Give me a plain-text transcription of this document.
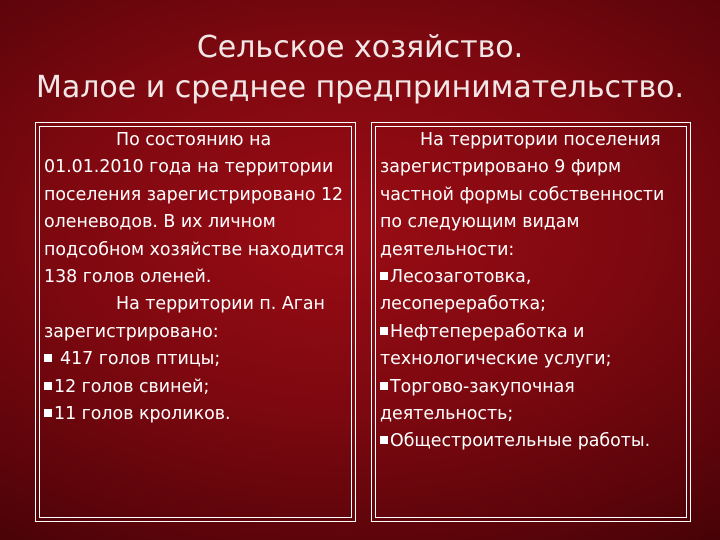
Сельское хозяйство.
Малое и среднее предпринимательство.

По состоянию на 01.01.2010 года на территории поселения зарегистрировано 12 оленеводов. В их личном подсобном хозяйстве находится 138 голов оленей.

На территории п. Аган зарегистрировано:

417 голов птицы;

12 голов свиней;

11 голов кроликов.

На территории поселения зарегистрировано 9 фирм частной формы собственности по следующим видам деятельности:

Лесозаготовка, лесопереработка;

Нефтепереработка и технологические услуги;

Торгово-закупочная деятельность;

Общестроительные работы.
